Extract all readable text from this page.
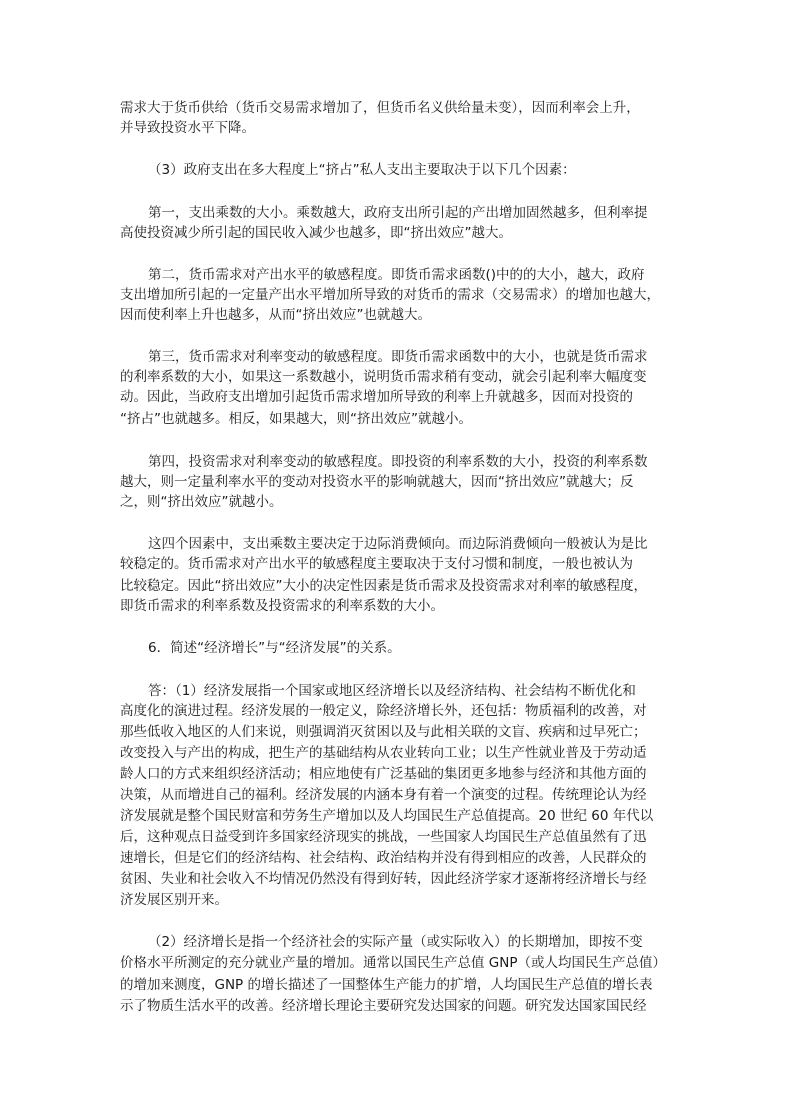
需求大于货币供给（货币交易需求增加了，但货币名义供给量未变），因而利率会上升，
并导致投资水平下降。
（3）政府支出在多大程度上“挤占”私人支出主要取决于以下几个因素：
第一，支出乘数的大小。乘数越大，政府支出所引起的产出增加固然越多，但利率提
高使投资减少所引起的国民收入减少也越多，即“挤出效应”越大。
第二，货币需求对产出水平的敏感程度。即货币需求函数()中的的大小，越大，政府
支出增加所引起的一定量产出水平增加所导致的对货币的需求（交易需求）的增加也越大，
因而使利率上升也越多，从而“挤出效应”也就越大。
第三，货币需求对利率变动的敏感程度。即货币需求函数中的大小，也就是货币需求
的利率系数的大小，如果这一系数越小，说明货币需求稍有变动，就会引起利率大幅度变
动。因此，当政府支出增加引起货币需求增加所导致的利率上升就越多，因而对投资的
“挤占”也就越多。相反，如果越大，则“挤出效应”就越小。
第四，投资需求对利率变动的敏感程度。即投资的利率系数的大小，投资的利率系数
越大，则一定量利率水平的变动对投资水平的影响就越大，因而“挤出效应”就越大；反
之，则“挤出效应”就越小。
这四个因素中，支出乘数主要决定于边际消费倾向。而边际消费倾向一般被认为是比
较稳定的。货币需求对产出水平的敏感程度主要取决于支付习惯和制度，一般也被认为
比较稳定。因此“挤出效应”大小的决定性因素是货币需求及投资需求对利率的敏感程度，
即货币需求的利率系数及投资需求的利率系数的大小。
6．简述“经济增长”与“经济发展”的关系。
答：（1）经济发展指一个国家或地区经济增长以及经济结构、社会结构不断优化和
高度化的演进过程。经济发展的一般定义，除经济增长外，还包括：物质福利的改善，对
那些低收入地区的人们来说，则强调消灭贫困以及与此相关联的文盲、疾病和过早死亡；
改变投入与产出的构成，把生产的基础结构从农业转向工业；以生产性就业普及于劳动适
龄人口的方式来组织经济活动；相应地使有广泛基础的集团更多地参与经济和其他方面的
决策，从而增进自己的福利。经济发展的内涵本身有着一个演变的过程。传统理论认为经
济发展就是整个国民财富和劳务生产增加以及人均国民生产总值提高。20 世纪 60 年代以
后，这种观点日益受到许多国家经济现实的挑战，一些国家人均国民生产总值虽然有了迅
速增长，但是它们的经济结构、社会结构、政治结构并没有得到相应的改善，人民群众的
贫困、失业和社会收入不均情况仍然没有得到好转，因此经济学家才逐渐将经济增长与经
济发展区别开来。
（2）经济增长是指一个经济社会的实际产量（或实际收入）的长期增加，即按不变
价格水平所测定的充分就业产量的增加。通常以国民生产总值 GNP（或人均国民生产总值）
的增加来测度，GNP 的增长描述了一国整体生产能力的扩增，人均国民生产总值的增长表
示了物质生活水平的改善。经济增长理论主要研究发达国家的问题。研究发达国家国民经
